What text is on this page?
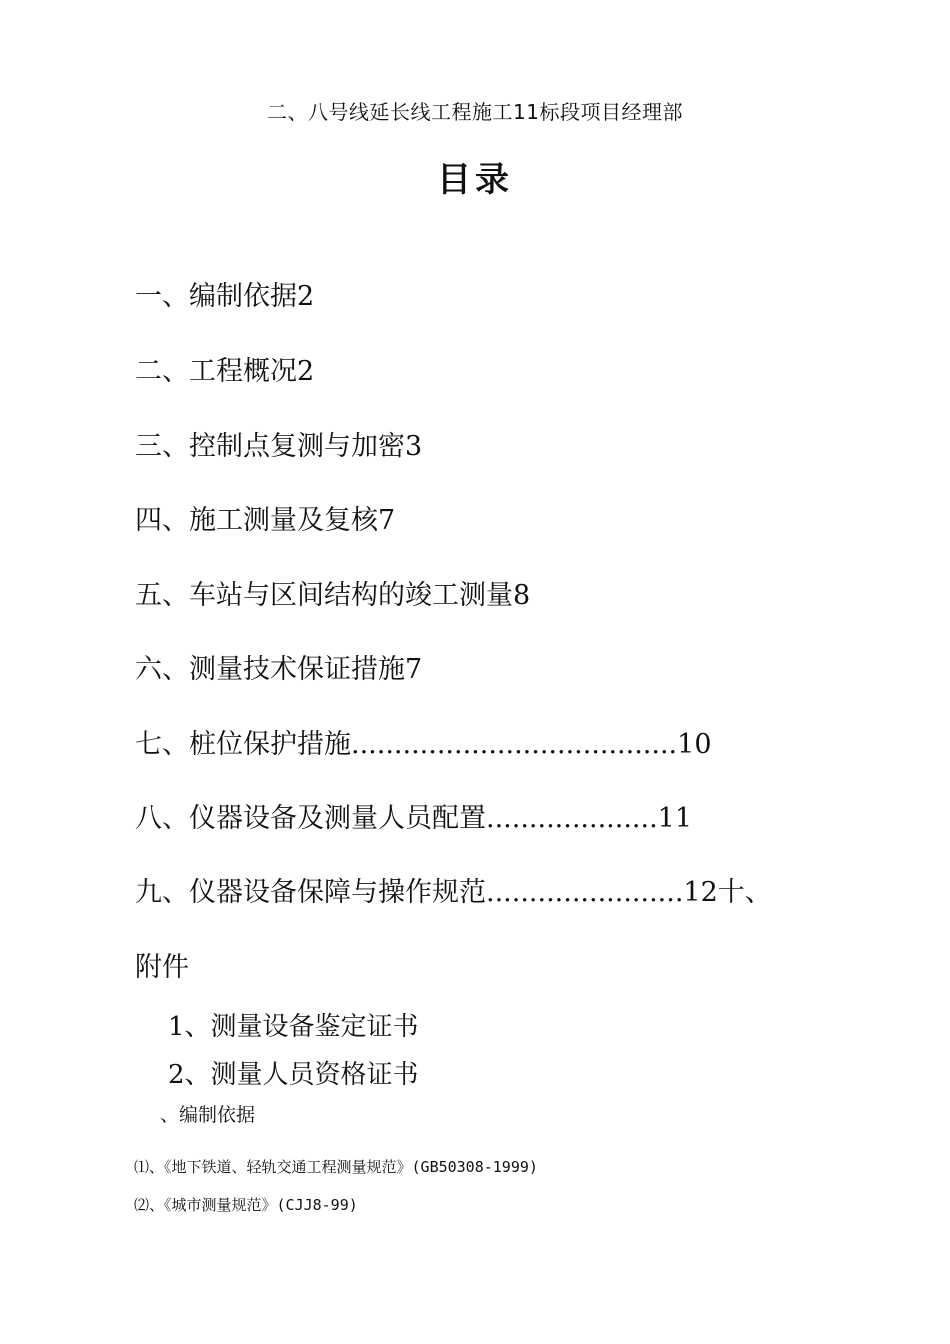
二、八号线延长线工程施工11标段项目经理部
目录
一、编制依据2
二、工程概况2
三、控制点复测与加密3
四、施工测量及复核7
五、车站与区间结构的竣工测量8
六、测量技术保证措施7
七、桩位保护措施......................................10
八、仪器设备及测量人员配置....................11
九、仪器设备保障与操作规范.......................12十、
附件
1、测量设备鉴定证书
2、测量人员资格证书
、编制依据
⑴、《地下铁道、轻轨交通工程测量规范》(GB50308-1999)
⑵、《城市测量规范》(CJJ8-99)
